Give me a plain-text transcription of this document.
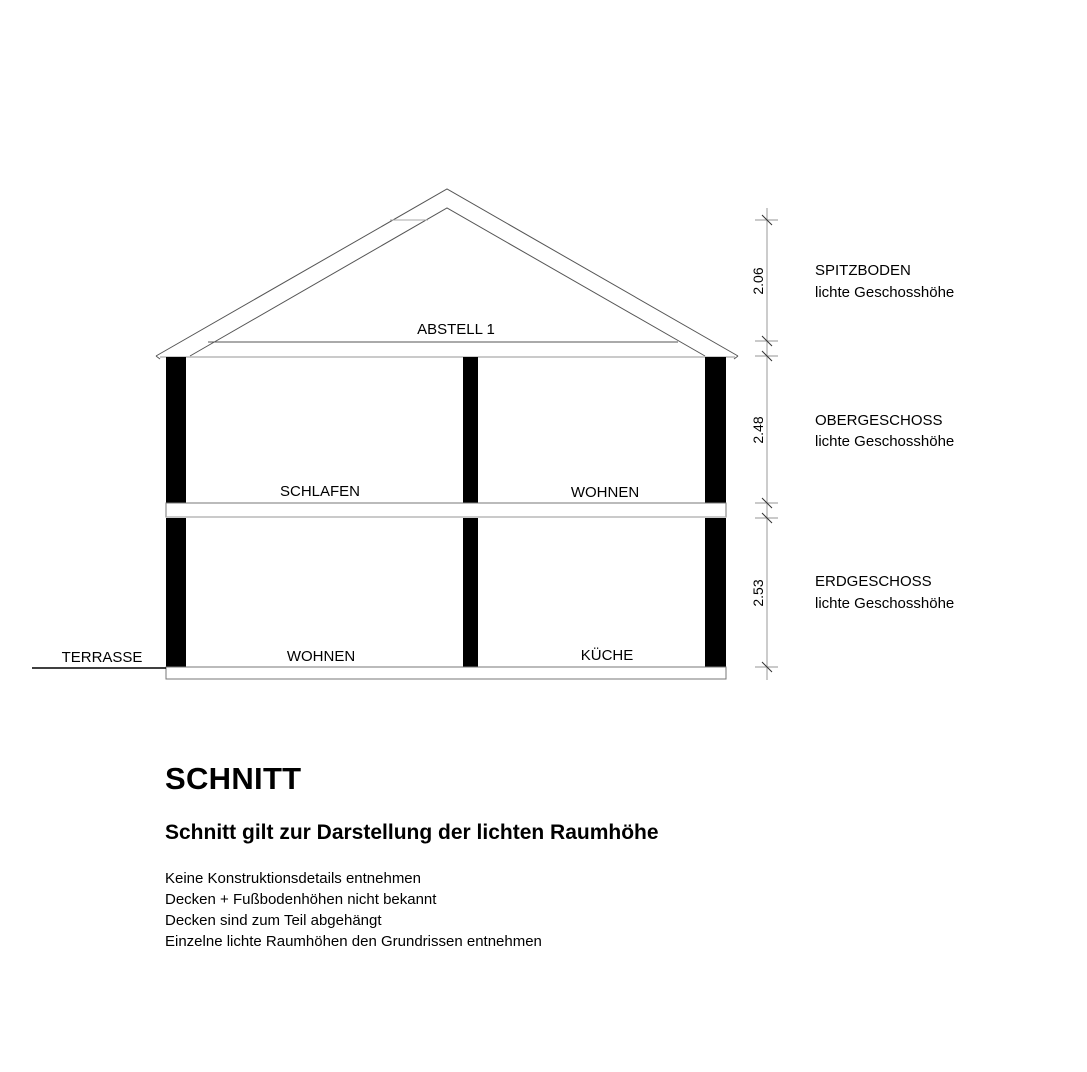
ABSTELL 1
SCHLAFEN	WOHNEN
WOHNEN	KÜCHE
TERRASSE
2.06
2.48
2.53
SPITZBODEN
lichte Geschosshöhe
OBERGESCHOSS
lichte Geschosshöhe
ERDGESCHOSS
lichte Geschosshöhe
SCHNITT
Schnitt gilt zur Darstellung der lichten Raumhöhe
Keine Konstruktionsdetails entnehmen
Decken + Fußbodenhöhen nicht bekannt
Decken sind zum Teil abgehängt
Einzelne lichte Raumhöhen den Grundrissen entnehmen
